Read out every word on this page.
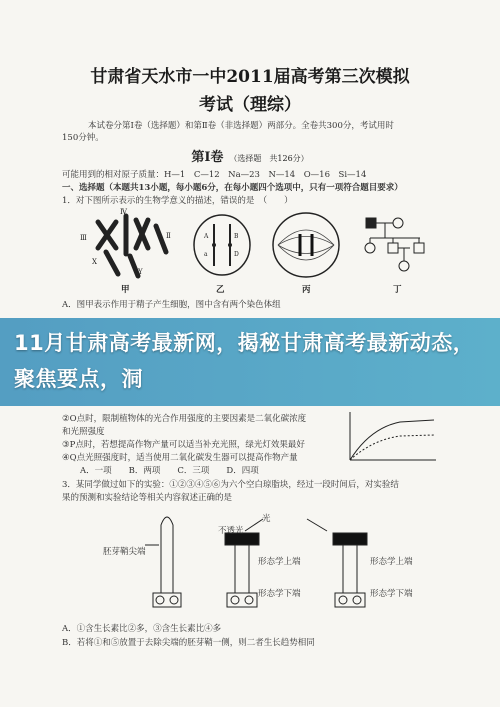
甘肃省天水市一中2011届高考第三次模拟
考试（理综）
本试卷分第Ⅰ卷（选择题）和第Ⅱ卷（非选择题）两部分。全卷共300分，考试用时
150分钟。
第Ⅰ卷 （选择题　共126分）
可能用到的相对原子质量：H—1　C—12　Na—23　N—14　O—16　Si—14
一、选择题（本题共13小题，每小题6分，在每小题四个选项中，只有一项符合题目要求）
1．对下图所示表示的生物学意义的描述，错误的是　（　　）
Ⅲ
Ⅳ
Ⅱ
X
Y
A	B
D
a
甲	乙	丙	丁
A．图甲表示作用于精子产生细胞，图中含有两个染色体组
11月甘肃高考最新网，揭秘甘肃高考最新动态，聚焦要点，洞
②O点时，限制植物体的光合作用强度的主要因素是二氧化碳浓度
和光照强度
③P点时，若想提高作物产量可以适当补充光照，绿光灯效果最好
④Q点光照强度时，适当使用二氧化碳发生器可以提高作物产量
A．一项　　B．两项　　C．三项　　D．四项
3．某同学做过如下的实验：①②③④⑤⑥为六个空白琼脂块，经过一段时间后，对实验结
果的预测和实验结论等相关内容叙述正确的是
胚芽鞘尖端
光
不透光
形态学上端
形态学下端
形态学上端
形态学下端
A．①含生长素比②多，③含生长素比④多
B．若将①和⑤放置于去除尖端的胚芽鞘一侧，则二者生长趋势相同
